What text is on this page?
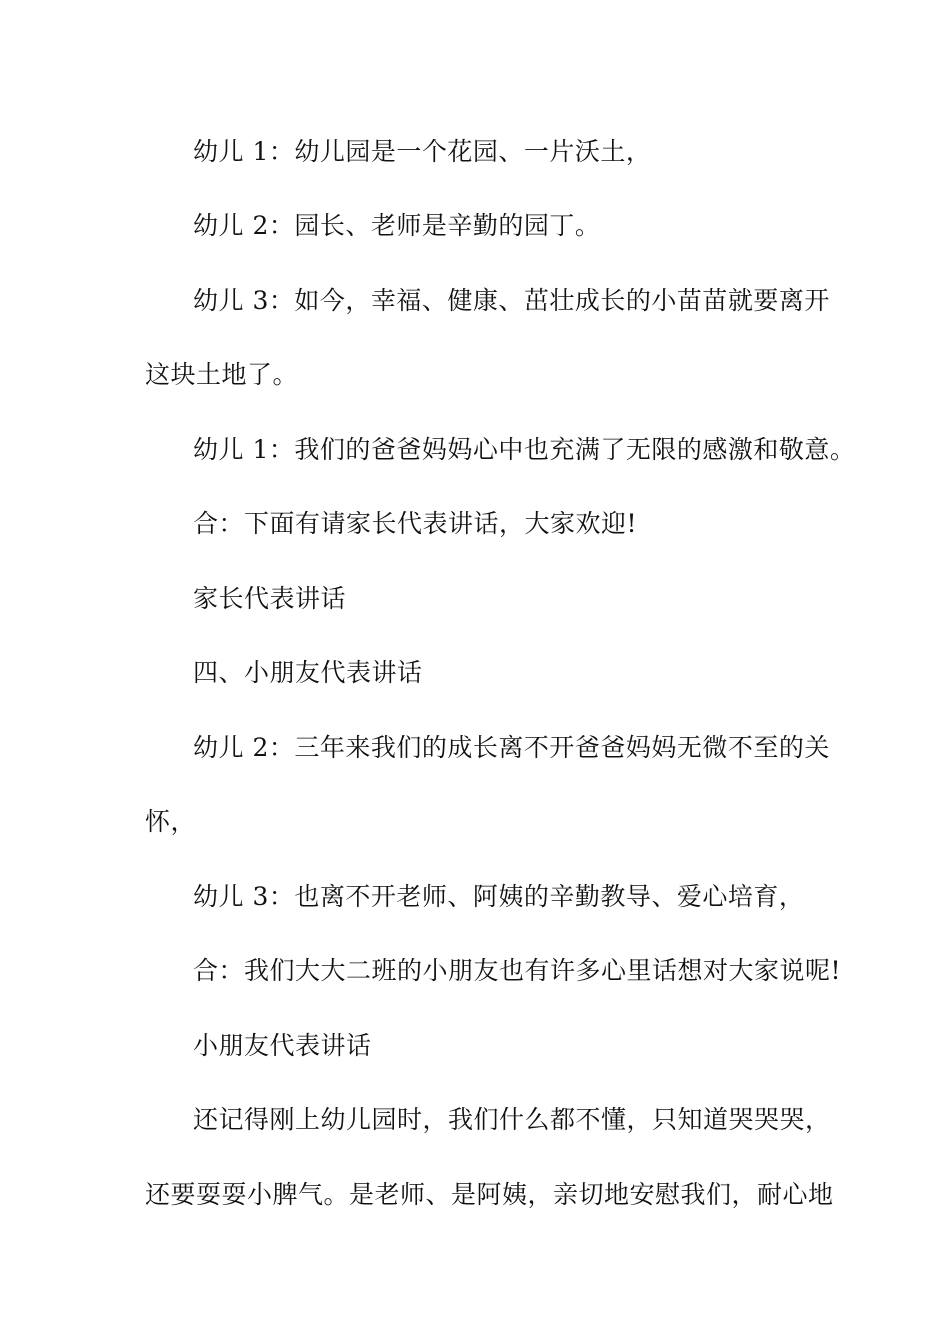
幼儿 1：幼儿园是一个花园、一片沃土，
幼儿 2：园长、老师是辛勤的园丁。
幼儿 3：如今，幸福、健康、茁壮成长的小苗苗就要离开
这块土地了。
幼儿 1：我们的爸爸妈妈心中也充满了无限的感激和敬意。
合：下面有请家长代表讲话，大家欢迎!
家长代表讲话
四、小朋友代表讲话
幼儿 2：三年来我们的成长离不开爸爸妈妈无微不至的关
怀，
幼儿 3：也离不开老师、阿姨的辛勤教导、爱心培育，
合：我们大大二班的小朋友也有许多心里话想对大家说呢!
小朋友代表讲话
还记得刚上幼儿园时，我们什么都不懂，只知道哭哭哭，
还要耍耍小脾气。是老师、是阿姨，亲切地安慰我们，耐心地
